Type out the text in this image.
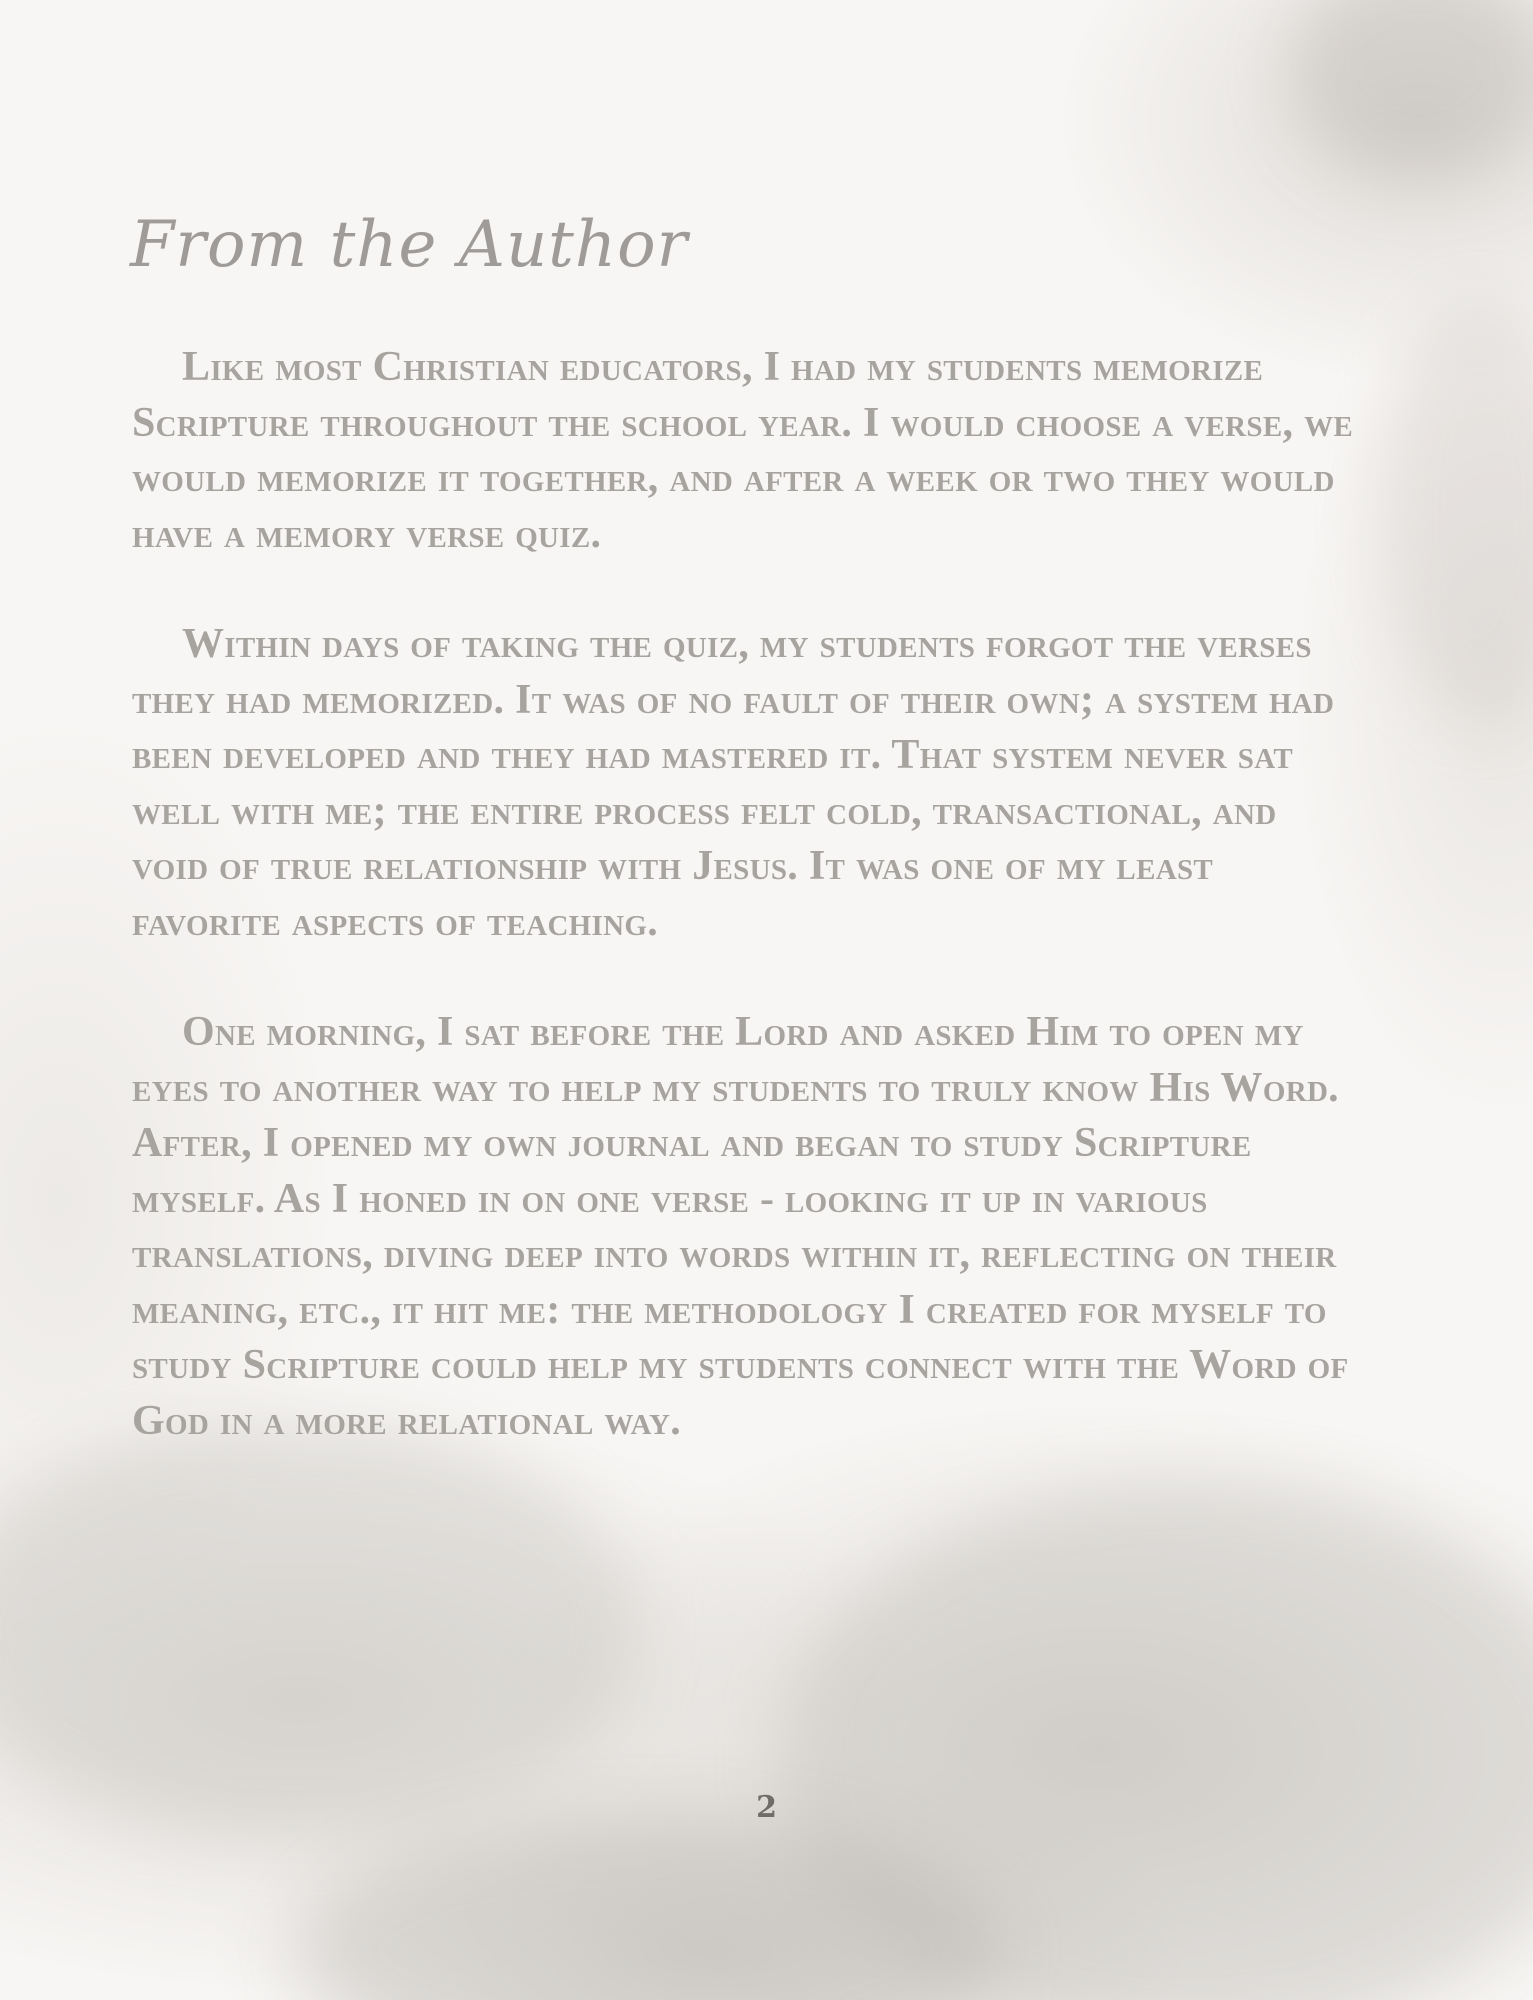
From the Author

Like most Christian educators, I had my students memorize Scripture throughout the school year. I would choose a verse, we would memorize it together, and after a week or two they would have a memory verse quiz.

Within days of taking the quiz, my students forgot the verses they had memorized. It was of no fault of their own; a system had been developed and they had mastered it. That system never sat well with me; the entire process felt cold, transactional, and void of true relationship with Jesus. It was one of my least favorite aspects of teaching.

One morning, I sat before the Lord and asked Him to open my eyes to another way to help my students to truly know His Word. After, I opened my own journal and began to study Scripture myself. As I honed in on one verse - looking it up in various translations, diving deep into words within it, reflecting on their meaning, etc., it hit me: the methodology I created for myself to study Scripture could help my students connect with the Word of God in a more relational way.

2
